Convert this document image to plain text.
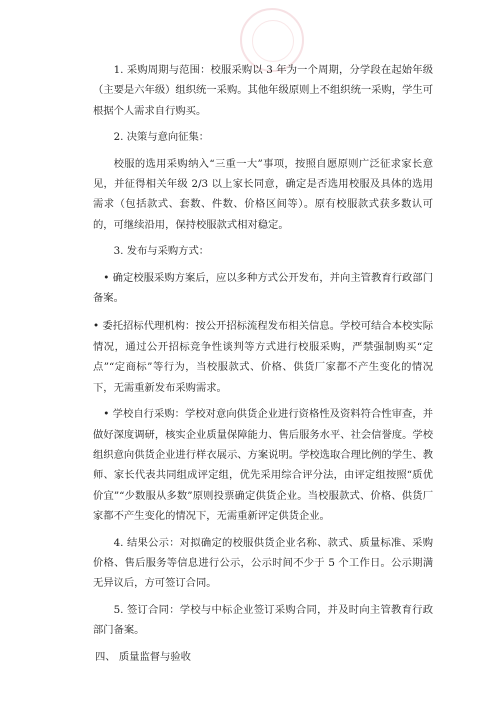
1. 采购周期与范围：校服采购以 3 年为一个周期，分学段在起始年级（主要是六年级）组织统一采购。其他年级原则上不组织统一采购，学生可根据个人需求自行购买。

2. 决策与意向征集：

校服的选用采购纳入“三重一大”事项，按照自愿原则广泛征求家长意见，并征得相关年级 2/3 以上家长同意，确定是否选用校服及具体的选用需求（包括款式、套数、件数、价格区间等）。原有校服款式获多数认可的，可继续沿用，保持校服款式相对稳定。

3. 发布与采购方式：

• 确定校服采购方案后，应以多种方式公开发布，并向主管教育行政部门备案。

• 委托招标代理机构：按公开招标流程发布相关信息。学校可结合本校实际情况，通过公开招标竞争性谈判等方式进行校服采购，严禁强制购买“定点”“定商标”等行为，当校服款式、价格、供货厂家都不产生变化的情况下，无需重新发布采购需求。

• 学校自行采购：学校对意向供货企业进行资格性及资料符合性审查，并做好深度调研，核实企业质量保障能力、售后服务水平、社会信誉度。学校组织意向供货企业进行样衣展示、方案说明。学校选取合理比例的学生、教师、家长代表共同组成评定组，优先采用综合评分法，由评定组按照“质优价宜”“少数服从多数”原则投票确定供货企业。当校服款式、价格、供货厂家都不产生变化的情况下，无需重新评定供货企业。

4. 结果公示：对拟确定的校服供货企业名称、款式、质量标准、采购价格、售后服务等信息进行公示，公示时间不少于 5 个工作日。公示期满无异议后，方可签订合同。

5. 签订合同：学校与中标企业签订采购合同，并及时向主管教育行政部门备案。

四、 质量监督与验收
